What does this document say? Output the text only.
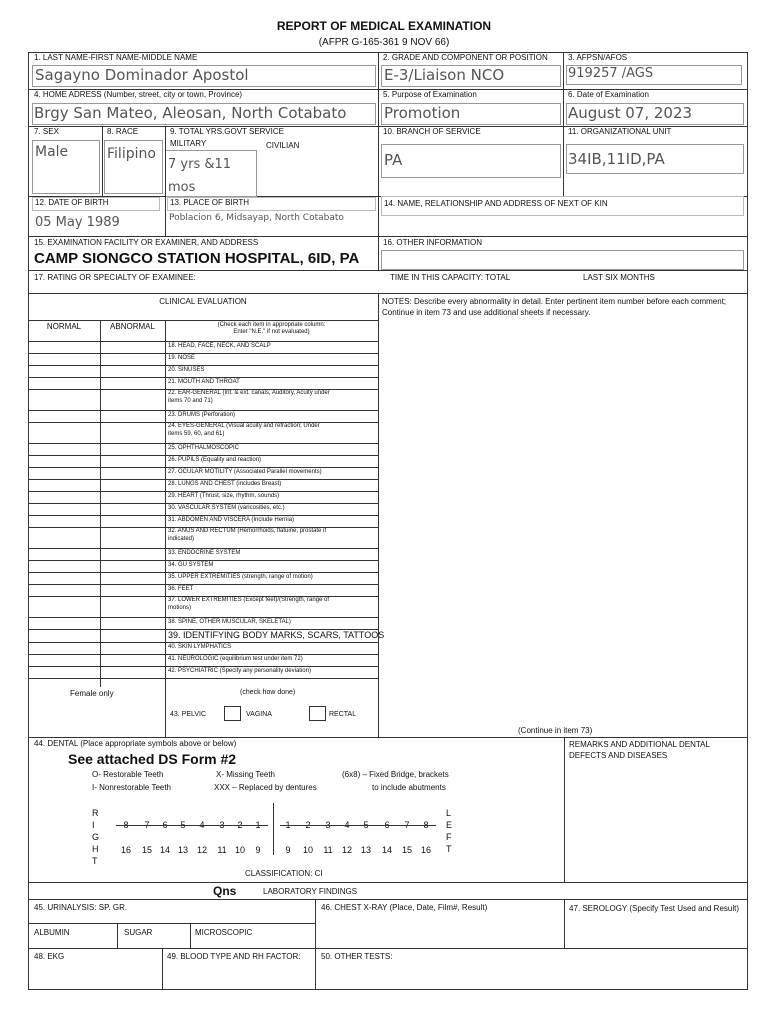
REPORT OF MEDICAL EXAMINATION
(AFPR G-165-361 9 NOV 66)
1. LAST NAME-FIRST NAME-MIDDLE NAME
Sagayno Dominador Apostol
2. GRADE AND COMPONENT OR POSITION
E-3/Liaison NCO
3. AFPSN/AFOS
919257 /AGS
4. HOME ADRESS (Number, street, city or town, Province)
Brgy San Mateo, Aleosan, North Cotabato
5. Purpose of Examination
Promotion
6. Date of Examination
August 07, 2023
7. SEX
Male
8. RACE
Filipino
9. TOTAL YRS.GOVT SERVICE
MILITARY	CIVILIAN
7 yrs &11
mos
10. BRANCH OF SERVICE
PA
11. ORGANIZATIONAL UNIT
34IB,11ID,PA
12. DATE OF BIRTH
05 May 1989
13. PLACE OF BIRTH
Poblacion 6, Midsayap, North Cotabato
14. NAME, RELATIONSHIP AND ADDRESS OF NEXT OF KIN
15. EXAMINATION FACILITY OR EXAMINER, AND ADDRESS
CAMP SIONGCO STATION HOSPITAL, 6ID, PA
16. OTHER INFORMATION
17. RATING OR SPECIALTY OF EXAMINEE:	TIME IN THIS CAPACITY: TOTAL	LAST SIX MONTHS
CLINICAL EVALUATION	NOTES: Describe every abnormality in detail. Enter pertinent item number before each comment; Continue in item 73 and use additional sheets if necessary.
NORMAL	ABNORMAL	(Check each item in appropriate column:
Enter "N.E." if not evaluated)
18. HEAD, FACE, NECK, AND SCALP
19. NOSE
20. SINUSES
21. MOUTH AND THROAT
22. EAR-GENERAL (Int. & ext. canals, Auditory, Acuity under
items 70 and 71)
23. DRUMS (Perforation)
24. EYES-GENERAL (Visual acuity and refraction; Under
items 59, 60, and 61)
25. OPHTHALMOSCOPIC
26. PUPILS (Equality and reaction)
27. OCULAR MOTILITY (Associated Parallel movements)
28. LUNGS AND CHEST (includes Breast)
29. HEART (Thrust, size, rhythm, sounds)
30. VASCULAR SYSTEM (varicosities, etc.)
31. ABDOMEN AND VISCERA (Include Hernia)
32. ANUS AND RECTUM (Hemorrhoids, flatuine, prostate if
indicated)
33. ENDOCRINE SYSTEM
34. GU SYSTEM
35. UPPER EXTREMITIES (strength, range of motion)
36. FEET
37. LOWER EXTREMITIES (Except feet)/(Strength, range of
motions)
38. SPINE, OTHER MUSCULAR, SKELETAL)
39. IDENTIFYING BODY MARKS, SCARS, TATTOOS
40. SKIN LYMPHATICS
41. NEUROLOGIC (equilibrium test under item 72)
42. PSYCHIATRIC (Specify any personality deviation)
Female only	(check how done)
43. PELVIC	VAGINA	RECTAL
(Continue in item 73)
44. DENTAL (Place appropriate symbols above or below)
See attached DS Form #2
O- Restorable Teeth	X- Missing Teeth	(6x8) – Fixed Bridge, brackets
I- Nonrestorable Teeth	XXX – Replaced by dentures	to include abutments
R
I
G
H
T
L
E
F
T
8	7	6	5	4	3	2	1	1	2	3	4	5	6	7	8
16	15 14 13 12	11 10	9	9	10	11	12 13	14	15 16
CLASSIFICATION: CI
REMARKS AND ADDITIONAL DENTAL DEFECTS AND DISEASES
Qns	LABORATORY FINDINGS
45. URINALYSIS: SP. GR.	46. CHEST X-RAY (Place, Date, Film#, Result)	47. SEROLOGY (Specify Test Used and Result)
ALBUMIN	SUGAR	MICROSCOPIC
48. EKG	49. BLOOD TYPE AND RH FACTOR:	50. OTHER TESTS:
